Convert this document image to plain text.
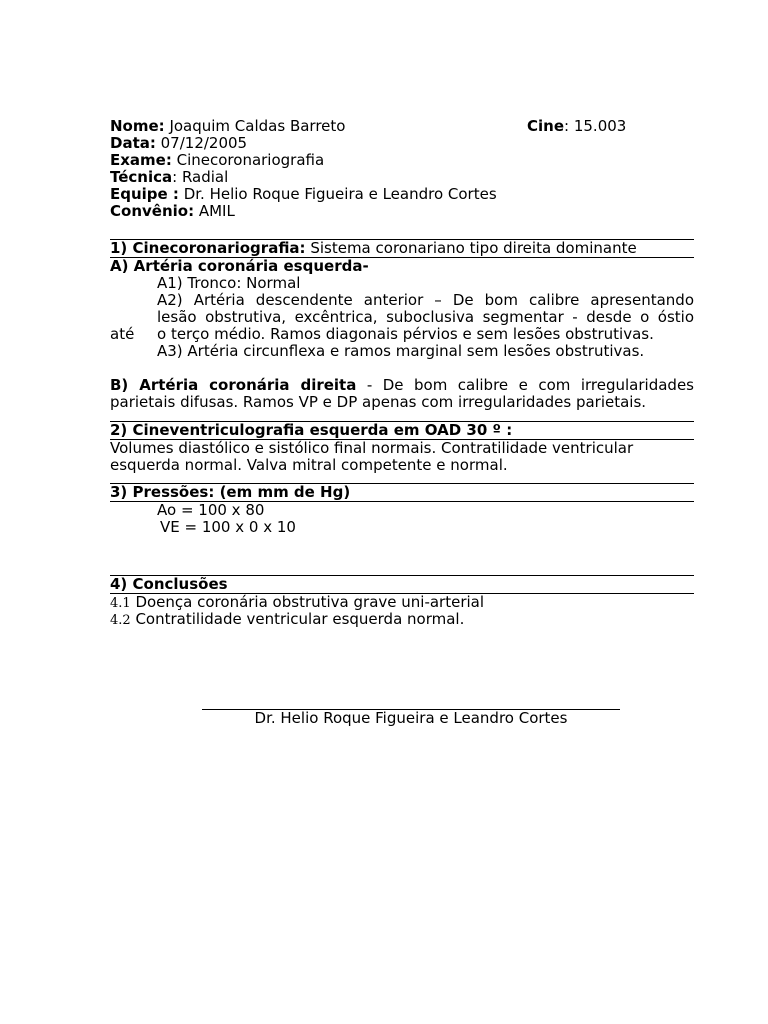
Nome: Joaquim Caldas Barreto	Cine: 15.003
Data: 07/12/2005
Exame: Cinecoronariografia
Técnica: Radial
Equipe : Dr. Helio Roque Figueira e Leandro Cortes
Convênio: AMIL
1) Cinecoronariografia: Sistema coronariano tipo direita dominante
A) Artéria coronária esquerda-
A1) Tronco: Normal
A2) Artéria descendente anterior – De bom calibre apresentando
lesão obstrutiva, excêntrica, suboclusiva segmentar - desde o óstio
até o terço médio. Ramos diagonais pérvios e sem lesões obstrutivas.
A3) Artéria circunflexa e ramos marginal sem lesões obstrutivas.
B) Artéria coronária direita - De bom calibre e com irregularidades
parietais difusas. Ramos VP e DP apenas com irregularidades parietais.
2) Cineventriculografia esquerda em OAD 30 º :
Volumes diastólico e sistólico final normais. Contratilidade ventricular
esquerda normal. Valva mitral competente e normal.
3) Pressões: (em mm de Hg)
Ao = 100 x 80
VE = 100 x 0 x 10
4) Conclusões
4.1 Doença coronária obstrutiva grave uni-arterial
4.2 Contratilidade ventricular esquerda normal.
Dr. Helio Roque Figueira e Leandro Cortes
